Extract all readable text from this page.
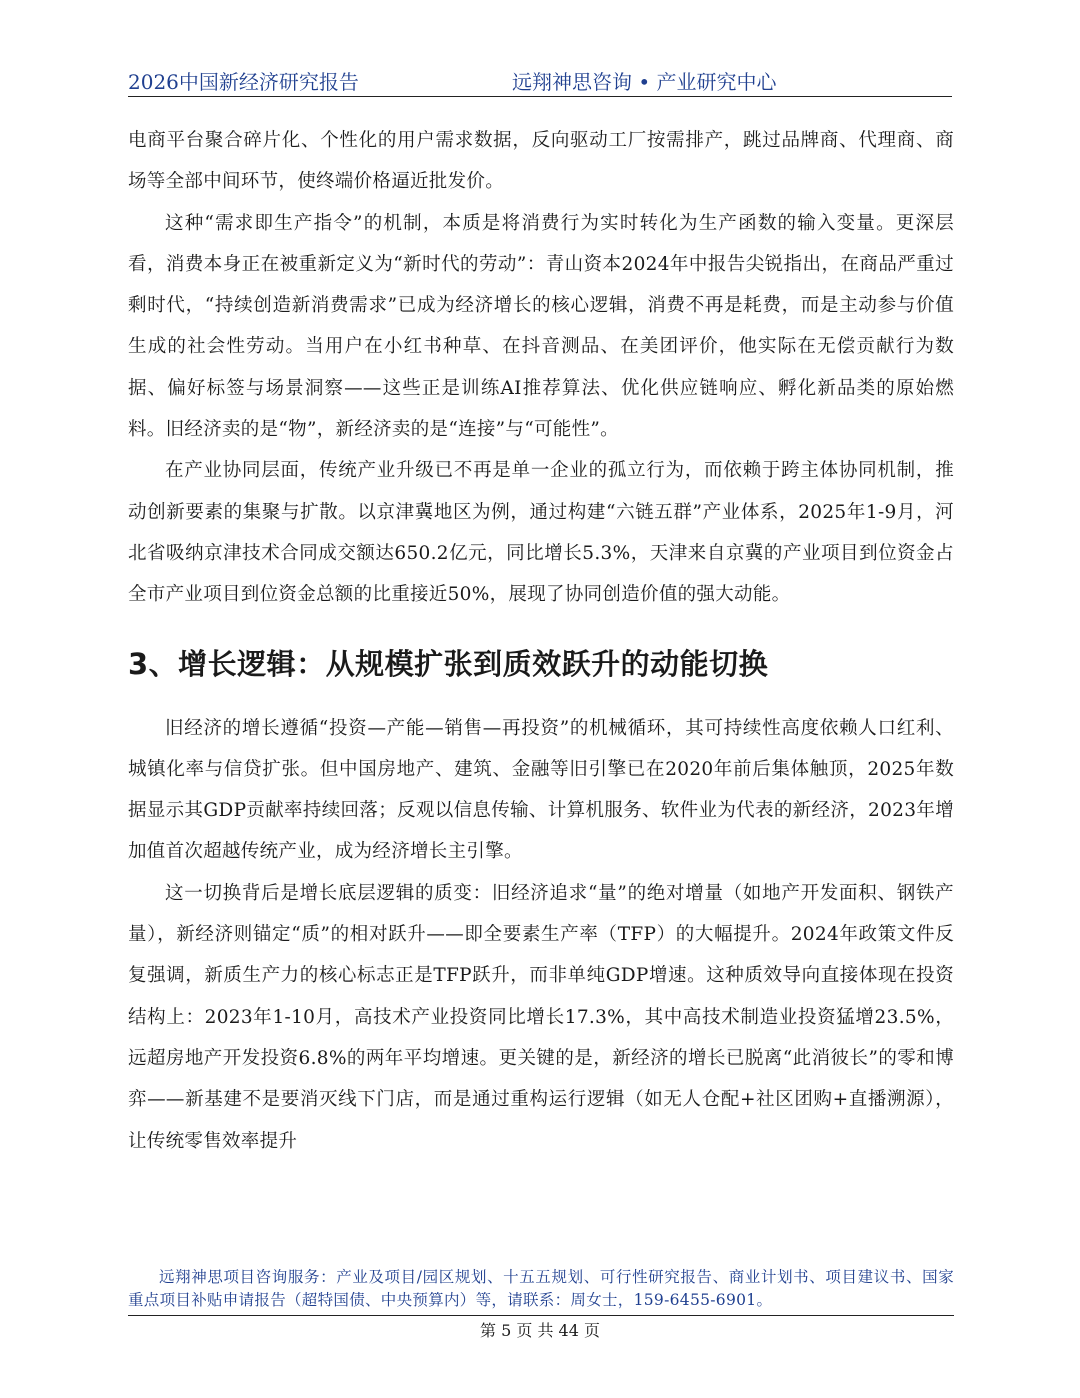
2026中国新经济研究报告	远翔神思咨询 • 产业研究中心

电商平台聚合碎片化、个性化的用户需求数据，反向驱动工厂按需排产，跳过品牌商、代理商、商场等全部中间环节，使终端价格逼近批发价。

这种“需求即生产指令”的机制，本质是将消费行为实时转化为生产函数的输入变量。更深层看，消费本身正在被重新定义为“新时代的劳动”：青山资本2024年中报告尖锐指出，在商品严重过剩时代，“持续创造新消费需求”已成为经济增长的核心逻辑，消费不再是耗费，而是主动参与价值生成的社会性劳动。当用户在小红书种草、在抖音测品、在美团评价，他实际在无偿贡献行为数据、偏好标签与场景洞察——这些正是训练AI推荐算法、优化供应链响应、孵化新品类的原始燃料。旧经济卖的是“物”，新经济卖的是“连接”与“可能性”。

在产业协同层面，传统产业升级已不再是单一企业的孤立行为，而依赖于跨主体协同机制，推动创新要素的集聚与扩散。以京津冀地区为例，通过构建“六链五群”产业体系，2025年1-9月，河北省吸纳京津技术合同成交额达650.2亿元，同比增长5.3%，天津来自京冀的产业项目到位资金占全市产业项目到位资金总额的比重接近50%，展现了协同创造价值的强大动能。

3、增长逻辑：从规模扩张到质效跃升的动能切换

旧经济的增长遵循“投资—产能—销售—再投资”的机械循环，其可持续性高度依赖人口红利、城镇化率与信贷扩张。但中国房地产、建筑、金融等旧引擎已在2020年前后集体触顶，2025年数据显示其GDP贡献率持续回落；反观以信息传输、计算机服务、软件业为代表的新经济，2023年增加值首次超越传统产业，成为经济增长主引擎。

这一切换背后是增长底层逻辑的质变：旧经济追求“量”的绝对增量（如地产开发面积、钢铁产量），新经济则锚定“质”的相对跃升——即全要素生产率（TFP）的大幅提升。2024年政策文件反复强调，新质生产力的核心标志正是TFP跃升，而非单纯GDP增速。这种质效导向直接体现在投资结构上：2023年1-10月，高技术产业投资同比增长17.3%，其中高技术制造业投资猛增23.5%，远超房地产开发投资6.8%的两年平均增速。更关键的是，新经济的增长已脱离“此消彼长”的零和博弈——新基建不是要消灭线下门店，而是通过重构运行逻辑（如无人仓配+社区团购+直播溯源），让传统零售效率提升

远翔神思项目咨询服务：产业及项目/园区规划、十五五规划、可行性研究报告、商业计划书、项目建议书、国家重点项目补贴申请报告（超特国债、中央预算内）等，请联系：周女士，159-6455-6901。
第 5 页 共 44 页
